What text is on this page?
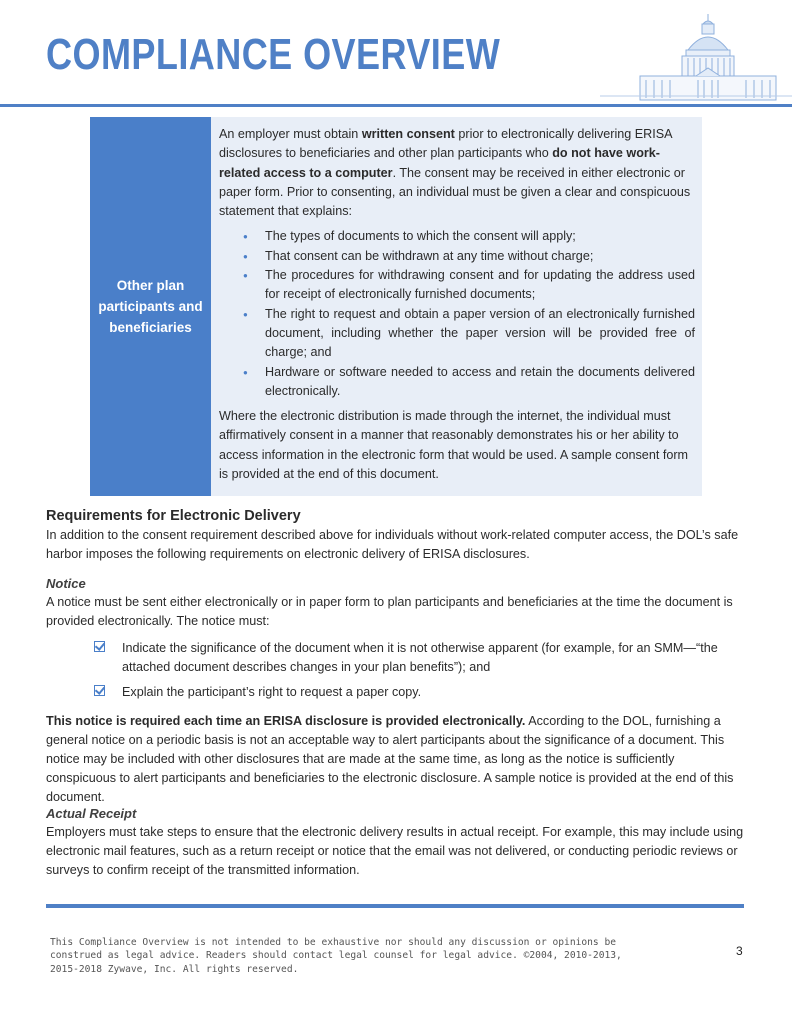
COMPLIANCE OVERVIEW
Other plan participants and beneficiaries

An employer must obtain written consent prior to electronically delivering ERISA disclosures to beneficiaries and other plan participants who do not have work-related access to a computer. The consent may be received in either electronic or paper form. Prior to consenting, an individual must be given a clear and conspicuous statement that explains:

● The types of documents to which the consent will apply;
● That consent can be withdrawn at any time without charge;
● The procedures for withdrawing consent and for updating the address used for receipt of electronically furnished documents;
● The right to request and obtain a paper version of an electronically furnished document, including whether the paper version will be provided free of charge; and
● Hardware or software needed to access and retain the documents delivered electronically.

Where the electronic distribution is made through the internet, the individual must affirmatively consent in a manner that reasonably demonstrates his or her ability to access information in the electronic form that would be used. A sample consent form is provided at the end of this document.

Requirements for Electronic Delivery

In addition to the consent requirement described above for individuals without work-related computer access, the DOL’s safe harbor imposes the following requirements on electronic delivery of ERISA disclosures.

Notice

A notice must be sent either electronically or in paper form to plan participants and beneficiaries at the time the document is provided electronically. The notice must:

Indicate the significance of the document when it is not otherwise apparent (for example, for an SMM—“the attached document describes changes in your plan benefits”); and
Explain the participant’s right to request a paper copy.

This notice is required each time an ERISA disclosure is provided electronically. According to the DOL, furnishing a general notice on a periodic basis is not an acceptable way to alert participants about the significance of a document. This notice may be included with other disclosures that are made at the same time, as long as the notice is sufficiently conspicuous to alert participants and beneficiaries to the electronic disclosure. A sample notice is provided at the end of this document.

Actual Receipt

Employers must take steps to ensure that the electronic delivery results in actual receipt. For example, this may include using electronic mail features, such as a return receipt or notice that the email was not delivered, or conducting periodic reviews or surveys to confirm receipt of the transmitted information.

This Compliance Overview is not intended to be exhaustive nor should any discussion or opinions be construed as legal advice. Readers should contact legal counsel for legal advice. ©2004, 2010-2013, 2015-2018 Zywave, Inc. All rights reserved.
3
